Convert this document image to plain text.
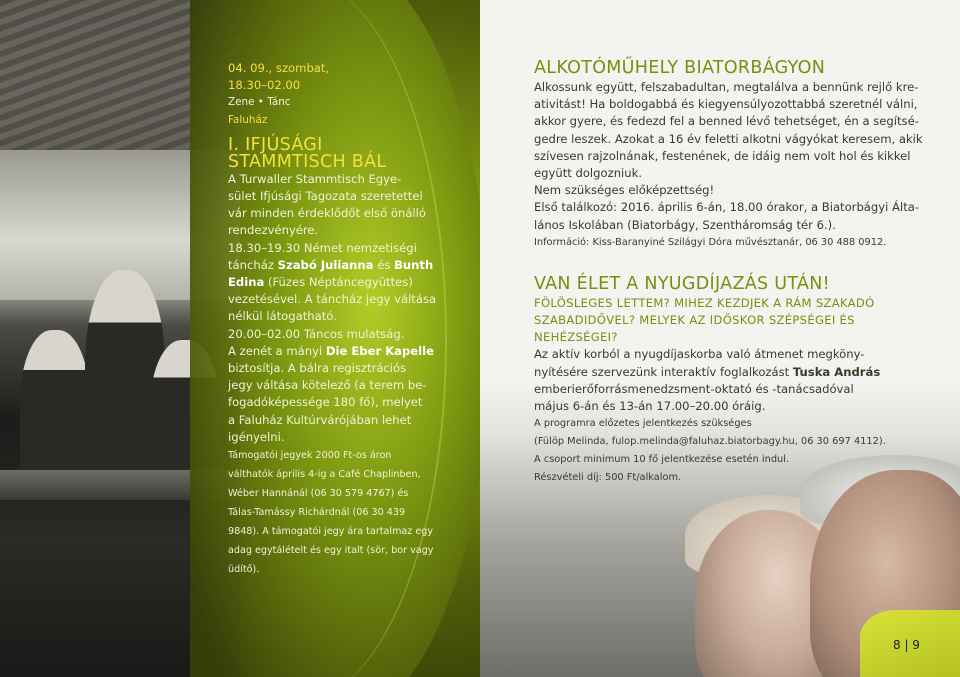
04. 09., szombat,

18.30–02.00

Zene • Tánc

Faluház

I. IFJÚSÁGI
STAMMTISCH BÁL

A Turwaller Stammtisch Egye-

sület Ifjúsági Tagozata szeretettel

vár minden érdeklődőt első önálló

rendezvényére.

18.30–19.30 Német nemzetiségi

táncház Szabó Julianna és Bunth

Edina (Füzes Néptáncegyüttes)

vezetésével. A táncház jegy váltása

nélkül látogatható.

20.00–02.00 Táncos mulatság.

A zenét a mányi Die Eber Kapelle

biztosítja. A bálra regisztrációs

jegy váltása kötelező (a terem be-

fogadóképessége 180 fő), melyet

a Faluház Kultúrvárójában lehet

igényelni.

Támogatói jegyek 2000 Ft-os áron

válthatók április 4-ig a Café Chaplinben,

Wéber Hannánál (06 30 579 4767) és

Tálas-Tamássy Richárdnál (06 30 439

9848). A támogatói jegy ára tartalmaz egy

adag egytálételt és egy italt (sör, bor vagy

üdítő).

ALKOTÓMŰHELY BIATORBÁGYON

Alkossunk együtt, felszabadultan, megtalálva a bennünk rejlő kre-

ativitást! Ha boldogabbá és kiegyensúlyozottabbá szeretnél válni,

akkor gyere, és fedezd fel a benned lévő tehetséget, én a segítsé-

gedre leszek. Azokat a 16 év feletti alkotni vágyókat keresem, akik

szívesen rajzolnának, festenének, de idáig nem volt hol és kikkel

együtt dolgozniuk.

Nem szükséges előképzettség!

Első találkozó: 2016. április 6-án, 18.00 órakor, a Biatorbágyi Álta-

lános Iskolában (Biatorbágy, Szentháromság tér 6.).

Információ: Kiss-Baranyiné Szilágyi Dóra művésztanár, 06 30 488 0912.

VAN ÉLET A NYUGDÍJAZÁS UTÁN!

FÖLÖSLEGES LETTEM? MIHEZ KEZDJEK A RÁM SZAKADÓ

SZABADIDŐVEL? MELYEK AZ IDŐSKOR SZÉPSÉGEI ÉS

NEHÉZSÉGEI?

Az aktív korból a nyugdíjaskorba való átmenet megköny-

nyítésére szervezünk interaktív foglalkozást Tuska András

emberierőforrásmenedzsment-oktató és -tanácsadóval

május 6-án és 13-án 17.00–20.00 óráig.

A programra előzetes jelentkezés szükséges

(Fülöp Melinda, fulop.melinda@faluhaz.biatorbagy.hu, 06 30 697 4112).

A csoport minimum 10 fő jelentkezése esetén indul.

Részvételi díj: 500 Ft/alkalom.

8 | 9
